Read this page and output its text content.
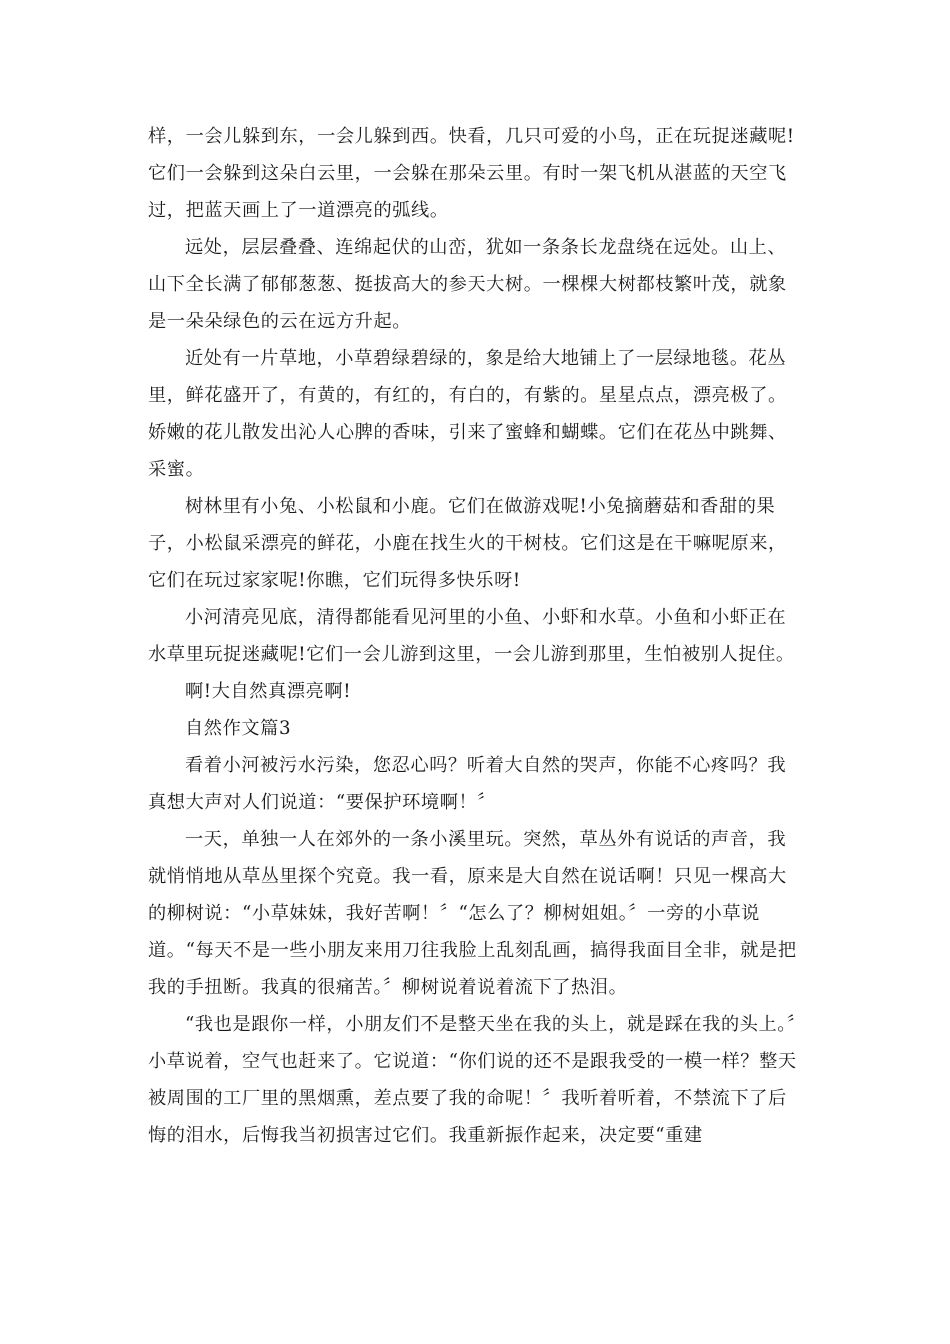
样，一会儿躲到东，一会儿躲到西。快看，几只可爱的小鸟，正在玩捉迷藏呢!它们一会躲到这朵白云里，一会躲在那朵云里。有时一架飞机从湛蓝的天空飞过，把蓝天画上了一道漂亮的弧线。

远处，层层叠叠、连绵起伏的山峦，犹如一条条长龙盘绕在远处。山上、山下全长满了郁郁葱葱、挺拔高大的参天大树。一棵棵大树都枝繁叶茂，就象是一朵朵绿色的云在远方升起。

近处有一片草地，小草碧绿碧绿的，象是给大地铺上了一层绿地毯。花丛里，鲜花盛开了，有黄的，有红的，有白的，有紫的。星星点点，漂亮极了。娇嫩的花儿散发出沁人心脾的香味，引来了蜜蜂和蝴蝶。它们在花丛中跳舞、采蜜。

树林里有小兔、小松鼠和小鹿。它们在做游戏呢!小兔摘蘑菇和香甜的果子，小松鼠采漂亮的鲜花，小鹿在找生火的干树枝。它们这是在干嘛呢原来，它们在玩过家家呢!你瞧，它们玩得多快乐呀!

小河清亮见底，清得都能看见河里的小鱼、小虾和水草。小鱼和小虾正在水草里玩捉迷藏呢!它们一会儿游到这里，一会儿游到那里，生怕被别人捉住。

啊!大自然真漂亮啊!

自然作文篇3

看着小河被污水污染，您忍心吗？听着大自然的哭声，你能不心疼吗？我真想大声对人们说道：“要保护环境啊！〞

一天，单独一人在郊外的一条小溪里玩。突然，草丛外有说话的声音，我就悄悄地从草丛里探个究竟。我一看，原来是大自然在说话啊！只见一棵高大的柳树说：“小草妹妹，我好苦啊！〞“怎么了？柳树姐姐。〞一旁的小草说道。“每天不是一些小朋友来用刀往我脸上乱刻乱画，搞得我面目全非，就是把我的手扭断。我真的很痛苦。〞柳树说着说着流下了热泪。

“我也是跟你一样，小朋友们不是整天坐在我的头上，就是踩在我的头上。〞小草说着，空气也赶来了。它说道：“你们说的还不是跟我受的一模一样？整天被周围的工厂里的黑烟熏，差点要了我的命呢！〞我听着听着，不禁流下了后悔的泪水，后悔我当初损害过它们。我重新振作起来，决定要“重建
